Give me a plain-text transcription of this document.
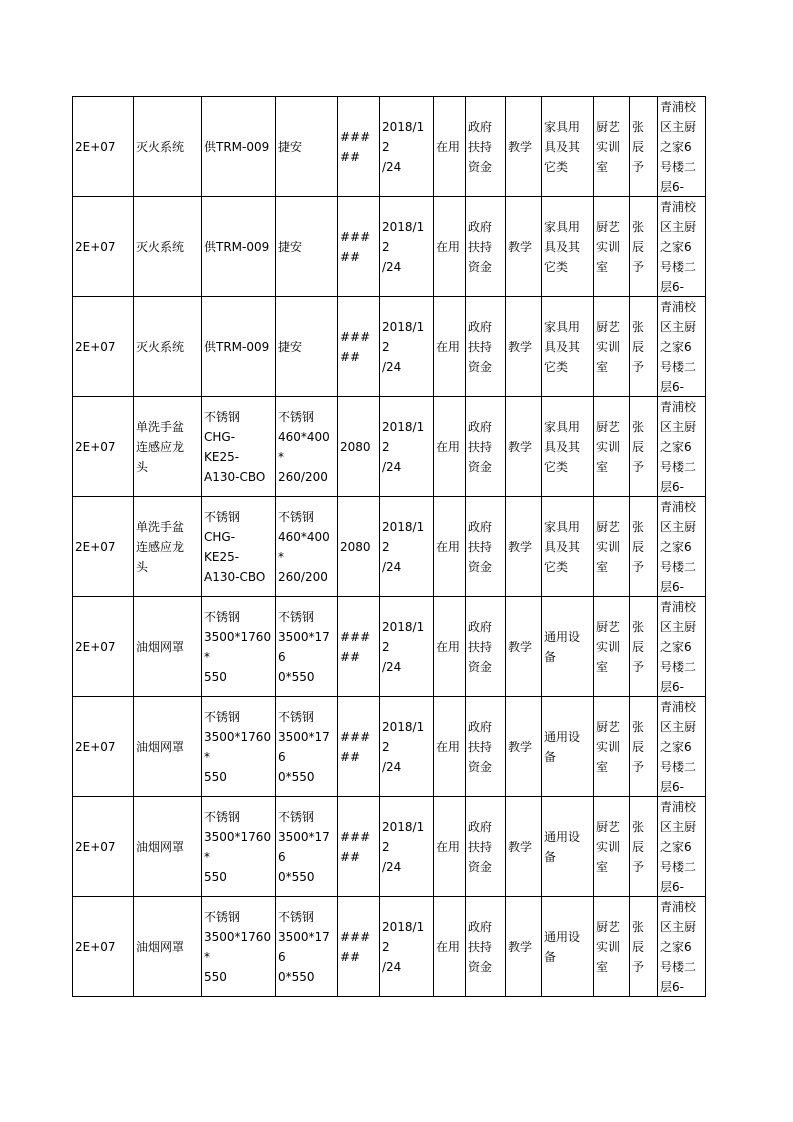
2E+07	灭火系统	供TRM-009	捷安	#####	2018/12
/24	在用	政府
扶持
资金	教学	家具用
具及其
它类	厨艺
实训
室	张
辰
予	青浦校
区主厨
之家6
号楼二
层6-

2E+07	灭火系统	供TRM-009	捷安	#####	2018/12
/24	在用	政府
扶持
资金	教学	家具用
具及其
它类	厨艺
实训
室	张
辰
予	青浦校
区主厨
之家6
号楼二
层6-

2E+07	灭火系统	供TRM-009	捷安	#####	2018/12
/24	在用	政府
扶持
资金	教学	家具用
具及其
它类	厨艺
实训
室	张
辰
予	青浦校
区主厨
之家6
号楼二
层6-

2E+07	单洗手盆
连感应龙
头	不锈钢
CHG-
KE25-
A130-CBO	不锈钢
460*400*
260/200	2080	2018/12
/24	在用	政府
扶持
资金	教学	家具用
具及其
它类	厨艺
实训
室	张
辰
予	青浦校
区主厨
之家6
号楼二
层6-

2E+07	单洗手盆
连感应龙
头	不锈钢
CHG-
KE25-
A130-CBO	不锈钢
460*400*
260/200	2080	2018/12
/24	在用	政府
扶持
资金	教学	家具用
具及其
它类	厨艺
实训
室	张
辰
予	青浦校
区主厨
之家6
号楼二
层6-

2E+07	油烟网罩	不锈钢
3500*1760*
550	不锈钢
3500*176
0*550	#####	2018/12
/24	在用	政府
扶持
资金	教学	通用设
备	厨艺
实训
室	张
辰
予	青浦校
区主厨
之家6
号楼二
层6-

2E+07	油烟网罩	不锈钢
3500*1760*
550	不锈钢
3500*176
0*550	#####	2018/12
/24	在用	政府
扶持
资金	教学	通用设
备	厨艺
实训
室	张
辰
予	青浦校
区主厨
之家6
号楼二
层6-

2E+07	油烟网罩	不锈钢
3500*1760*
550	不锈钢
3500*176
0*550	#####	2018/12
/24	在用	政府
扶持
资金	教学	通用设
备	厨艺
实训
室	张
辰
予	青浦校
区主厨
之家6
号楼二
层6-

2E+07	油烟网罩	不锈钢
3500*1760*
550	不锈钢
3500*176
0*550	#####	2018/12
/24	在用	政府
扶持
资金	教学	通用设
备	厨艺
实训
室	张
辰
予	青浦校
区主厨
之家6
号楼二
层6-
